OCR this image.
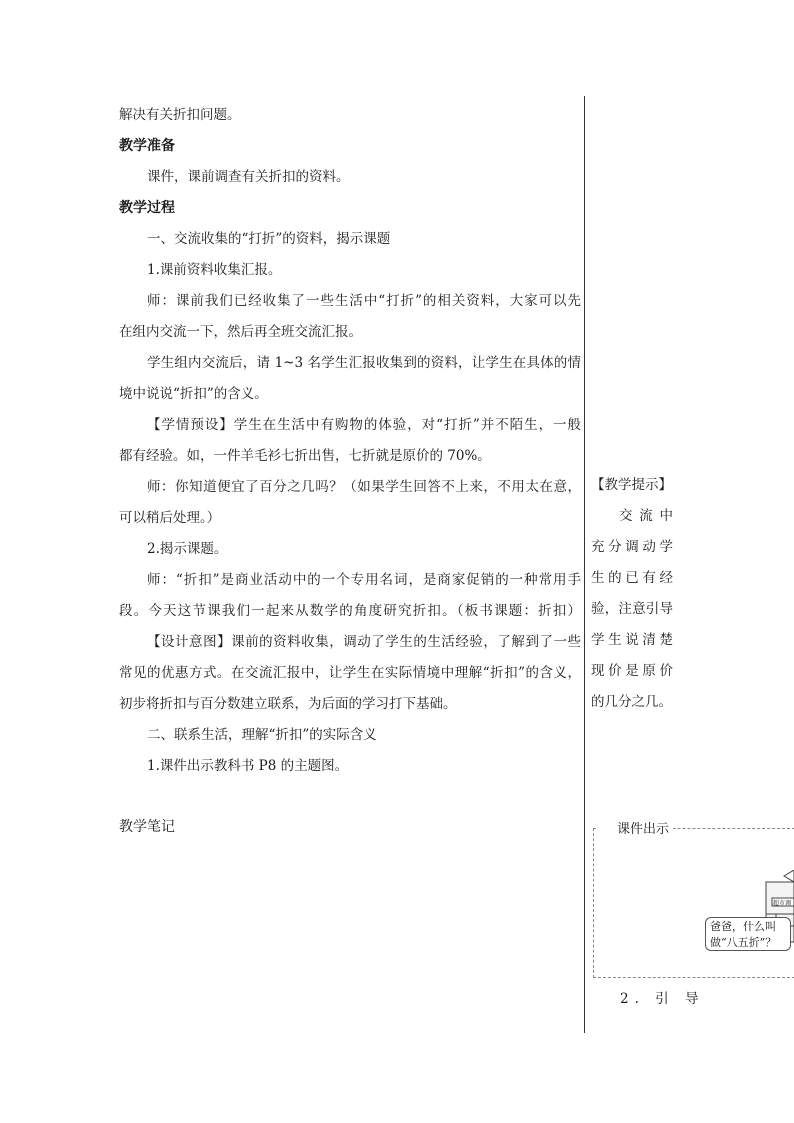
解决有关折扣问题。
教学准备
课件，课前调查有关折扣的资料。
教学过程
一、交流收集的“打折”的资料，揭示课题
1.课前资料收集汇报。
师：课前我们已经收集了一些生活中“打折”的相关资料，大家可以先
在组内交流一下，然后再全班交流汇报。
学生组内交流后，请 1~3 名学生汇报收集到的资料，让学生在具体的情
境中说说“折扣”的含义。
【学情预设】学生在生活中有购物的体验，对“打折”并不陌生，一般
都有经验。如，一件羊毛衫七折出售，七折就是原价的 70%。
师：你知道便宜了百分之几吗？（如果学生回答不上来，不用太在意，
可以稍后处理。）
2.揭示课题。
师：“折扣”是商业活动中的一个专用名词，是商家促销的一种常用手
段。今天这节课我们一起来从数学的角度研究折扣。（板书课题：折扣）
【设计意图】课前的资料收集，调动了学生的生活经验，了解到了一些
常见的优惠方式。在交流汇报中，让学生在实际情境中理解“折扣”的含义，
初步将折扣与百分数建立联系，为后面的学习打下基础。
二、联系生活，理解“折扣”的实际含义
1.课件出示教科书 P8 的主题图。
【教学提示】
交 流 中
充分调动学
生的已有经
验，注意引导
学生说清楚
现价是原价
的几分之几。
教学笔记	课件出示
超市调
爸爸，什么叫
做“八五折”？
2. 引 导
